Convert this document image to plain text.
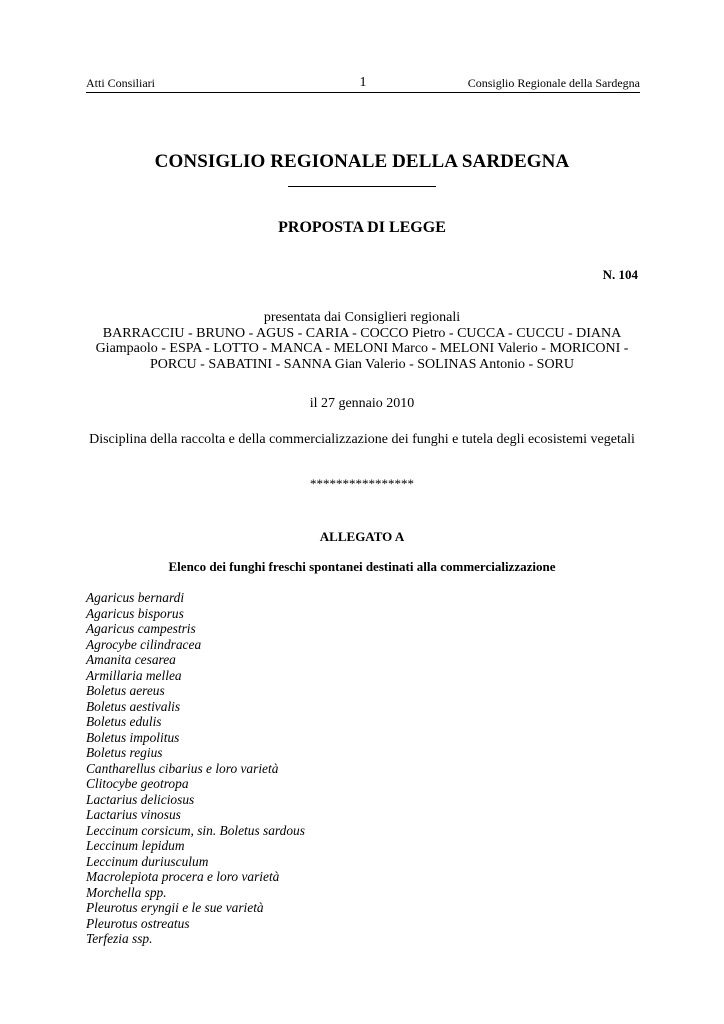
Atti Consiliari	1	Consiglio Regionale della Sardegna
CONSIGLIO REGIONALE DELLA SARDEGNA
PROPOSTA DI LEGGE
N. 104
presentata dai Consiglieri regionali
BARRACCIU - BRUNO - AGUS - CARIA - COCCO Pietro - CUCCA - CUCCU - DIANA
Giampaolo - ESPA - LOTTO - MANCA - MELONI Marco - MELONI Valerio - MORICONI -
PORCU - SABATINI - SANNA Gian Valerio - SOLINAS Antonio - SORU
il 27 gennaio 2010
Disciplina della raccolta e della commercializzazione dei funghi e tutela degli ecosistemi vegetali
****************
ALLEGATO A
Elenco dei funghi freschi spontanei destinati alla commercializzazione
Agaricus bernardi
Agaricus bisporus
Agaricus campestris
Agrocybe cilindracea
Amanita cesarea
Armillaria mellea
Boletus aereus
Boletus aestivalis
Boletus edulis
Boletus impolitus
Boletus regius
Cantharellus cibarius e loro varietà
Clitocybe geotropa
Lactarius deliciosus
Lactarius vinosus
Leccinum corsicum, sin. Boletus sardous
Leccinum lepidum
Leccinum duriusculum
Macrolepiota procera e loro varietà
Morchella spp.
Pleurotus eryngii e le sue varietà
Pleurotus ostreatus
Terfezia ssp.
